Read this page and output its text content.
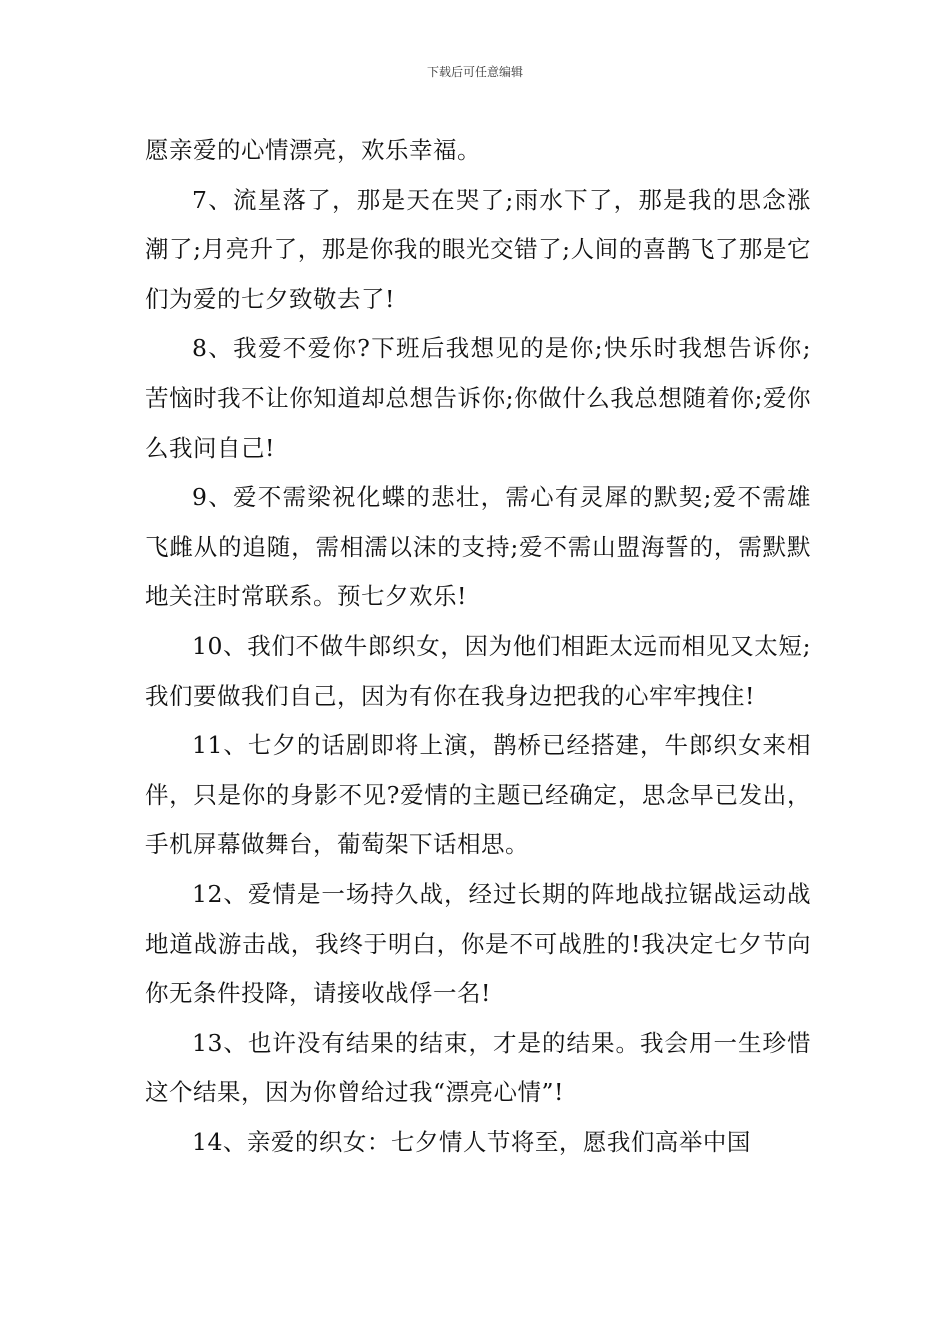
下载后可任意编辑

愿亲爱的心情漂亮，欢乐幸福。

7、流星落了，那是天在哭了;雨水下了，那是我的思念涨潮了;月亮升了，那是你我的眼光交错了;人间的喜鹊飞了那是它们为爱的七夕致敬去了!

8、我爱不爱你?下班后我想见的是你;快乐时我想告诉你;苦恼时我不让你知道却总想告诉你;你做什么我总想随着你;爱你么我问自己!

9、爱不需梁祝化蝶的悲壮，需心有灵犀的默契;爱不需雄飞雌从的追随，需相濡以沫的支持;爱不需山盟海誓的，需默默地关注时常联系。预七夕欢乐!

10、我们不做牛郎织女，因为他们相距太远而相见又太短;我们要做我们自己，因为有你在我身边把我的心牢牢拽住!

11、七夕的话剧即将上演，鹊桥已经搭建，牛郎织女来相伴，只是你的身影不见?爱情的主题已经确定，思念早已发出，手机屏幕做舞台，葡萄架下话相思。

12、爱情是一场持久战，经过长期的阵地战拉锯战运动战地道战游击战，我终于明白，你是不可战胜的!我决定七夕节向你无条件投降，请接收战俘一名!

13、也许没有结果的结束，才是的结果。我会用一生珍惜这个结果，因为你曾给过我“漂亮心情”!

14、亲爱的织女：七夕情人节将至，愿我们高举中国
